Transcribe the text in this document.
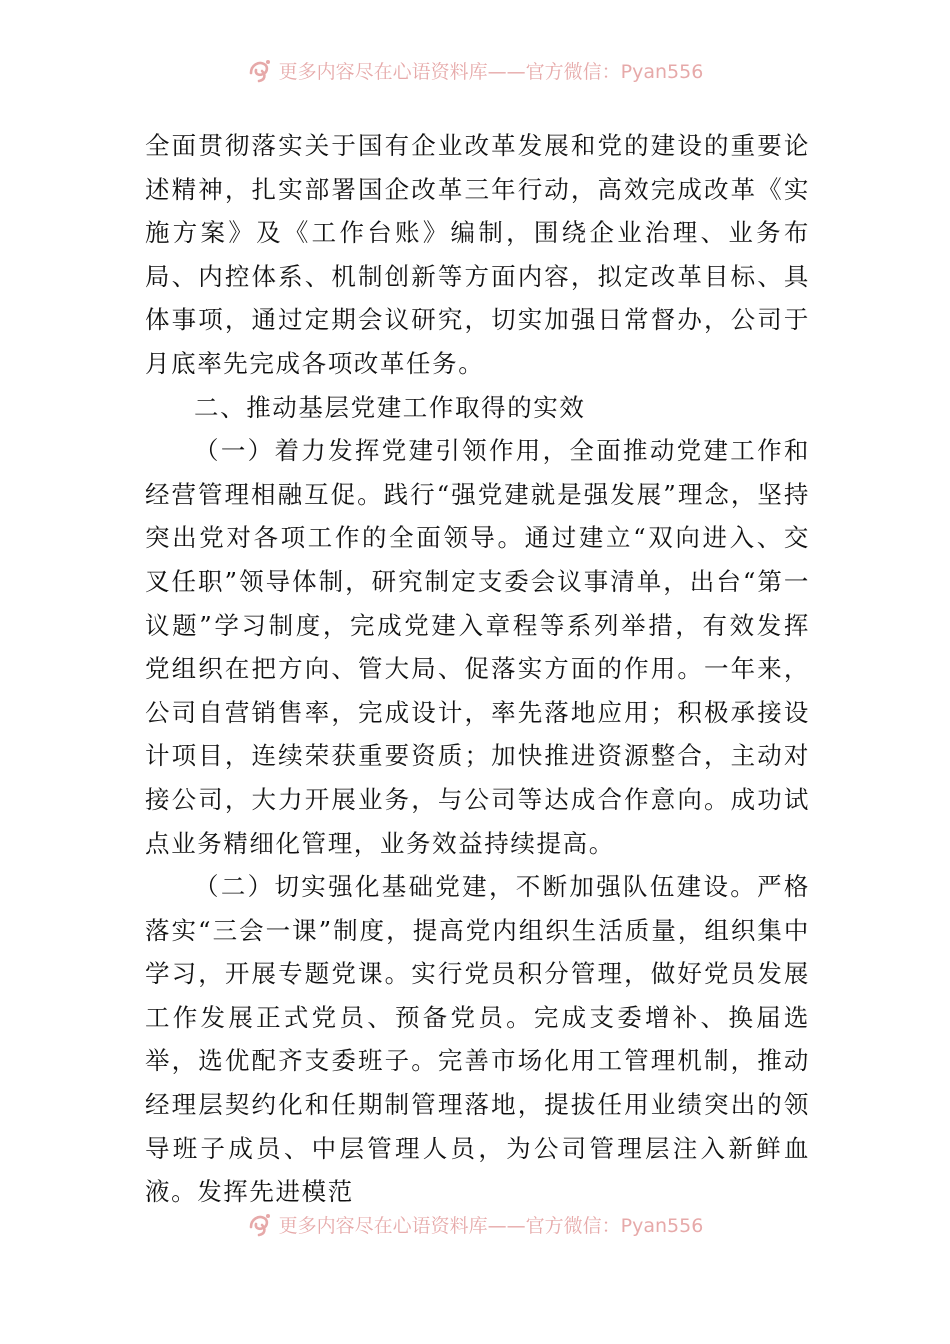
更多内容尽在心语资料库——官方微信：Pyan556

全面贯彻落实关于国有企业改革发展和党的建设的重要论述精神，扎实部署国企改革三年行动，高效完成改革《实施方案》及《工作台账》编制，围绕企业治理、业务布局、内控体系、机制创新等方面内容，拟定改革目标、具体事项，通过定期会议研究，切实加强日常督办，公司于月底率先完成各项改革任务。

二、推动基层党建工作取得的实效

（一）着力发挥党建引领作用，全面推动党建工作和经营管理相融互促。践行“强党建就是强发展”理念，坚持突出党对各项工作的全面领导。通过建立“双向进入、交叉任职”领导体制，研究制定支委会议事清单，出台“第一议题”学习制度，完成党建入章程等系列举措，有效发挥党组织在把方向、管大局、促落实方面的作用。一年来，公司自营销售率，完成设计，率先落地应用；积极承接设计项目，连续荣获重要资质；加快推进资源整合，主动对接公司，大力开展业务，与公司等达成合作意向。成功试点业务精细化管理，业务效益持续提高。

（二）切实强化基础党建，不断加强队伍建设。严格落实“三会一课”制度，提高党内组织生活质量，组织集中学习，开展专题党课。实行党员积分管理，做好党员发展工作发展正式党员、预备党员。完成支委增补、换届选举，选优配齐支委班子。完善市场化用工管理机制，推动经理层契约化和任期制管理落地，提拔任用业绩突出的领导班子成员、中层管理人员，为公司管理层注入新鲜血液。发挥先进模范

更多内容尽在心语资料库——官方微信：Pyan556
